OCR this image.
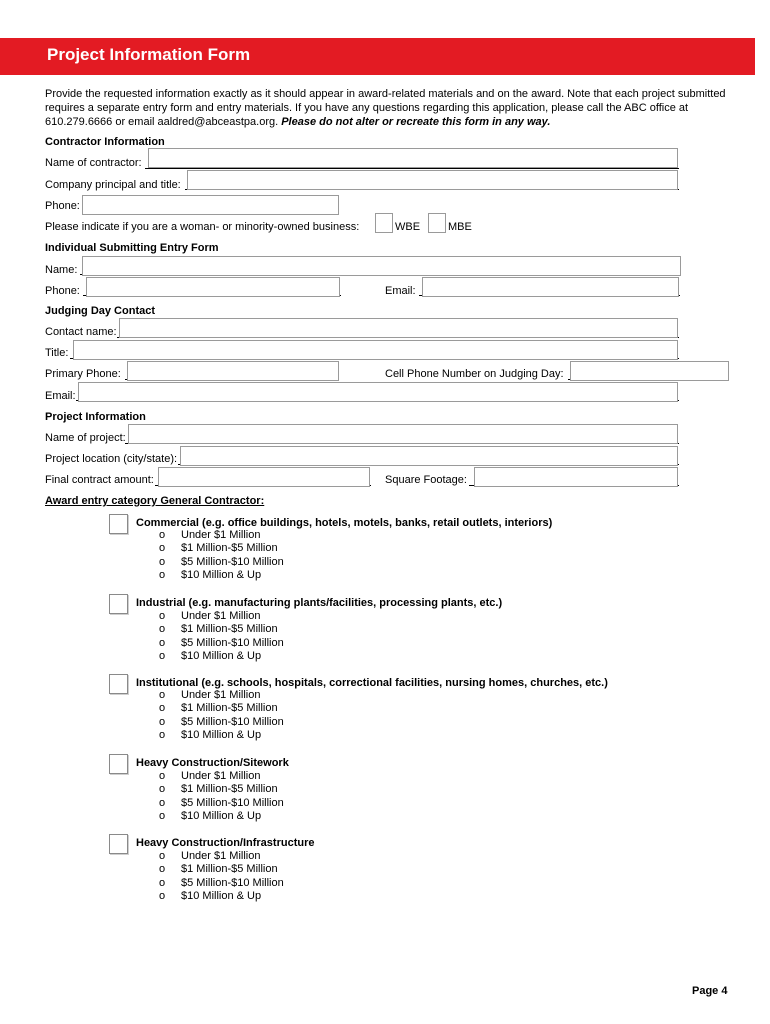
Project Information Form
Provide the requested information exactly as it should appear in award-related materials and on the award. Note that each project submitted requires a separate entry form and entry materials. If you have any questions regarding this application, please call the ABC office at 610.279.6666 or email aaldred@abceastpa.org. Please do not alter or recreate this form in any way.
Contractor Information
Name of contractor:
Company principal and title:
Phone:
Please indicate if you are a woman- or minority-owned business:	WBE	MBE
Individual Submitting Entry Form
Name:
Phone:	Email:
Judging Day Contact
Contact name:
Title:
Primary Phone:	Cell Phone Number on Judging Day:
Email:
Project Information
Name of project:
Project location (city/state):
Final contract amount:	Square Footage:
Award entry category General Contractor:
Commercial (e.g. office buildings, hotels, motels, banks, retail outlets, interiors)
o Under $1 Million
o $1 Million-$5 Million
o $5 Million-$10 Million
o $10 Million & Up
Industrial (e.g. manufacturing plants/facilities, processing plants, etc.)
o Under $1 Million
o $1 Million-$5 Million
o $5 Million-$10 Million
o $10 Million & Up
Institutional (e.g. schools, hospitals, correctional facilities, nursing homes, churches, etc.)
o Under $1 Million
o $1 Million-$5 Million
o $5 Million-$10 Million
o $10 Million & Up
Heavy Construction/Sitework
o Under $1 Million
o $1 Million-$5 Million
o $5 Million-$10 Million
o $10 Million & Up
Heavy Construction/Infrastructure
o Under $1 Million
o $1 Million-$5 Million
o $5 Million-$10 Million
o $10 Million & Up
Page 4
